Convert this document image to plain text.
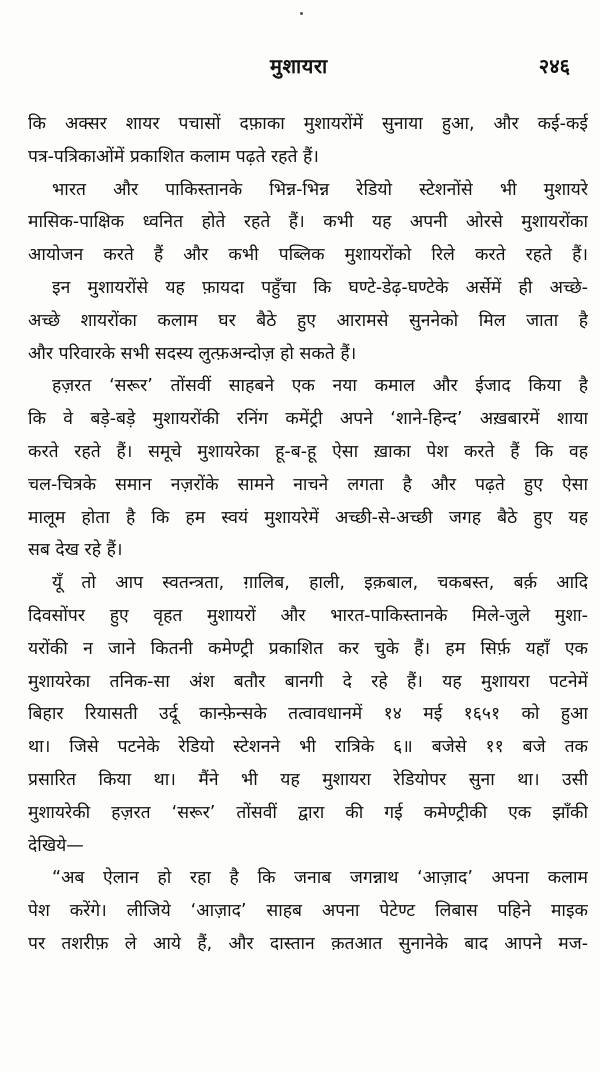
मुशायरा	२४६
कि अक्सर शायर पचासों दफ़ाका मुशायरोंमें सुनाया हुआ, और कई-कई
पत्र-पत्रिकाओंमें प्रकाशित कलाम पढ़ते रहते हैं।
भारत और पाकिस्तानके भिन्न-भिन्न रेडियो स्टेशनोंसे भी मुशायरे
मासिक-पाक्षिक ध्वनित होते रहते हैं। कभी यह अपनी ओरसे मुशायरोंका
आयोजन करते हैं और कभी पब्लिक मुशायरोंको रिले करते रहते हैं।
इन मुशायरोंसे यह फ़ायदा पहुँचा कि घण्टे-डेढ़-घण्टेके अर्सेमें ही अच्छे-
अच्छे शायरोंका कलाम घर बैठे हुए आरामसे सुननेको मिल जाता है
और परिवारके सभी सदस्य लुत्फ़अन्दोज़ हो सकते हैं।
हज़रत ‘सरूर’ तोंसवीं साहबने एक नया कमाल और ईजाद किया है
कि वे बड़े-बड़े मुशायरोंकी रनिंग कमेंट्री अपने ‘शाने-हिन्द’ अख़बारमें शाया
करते रहते हैं। समूचे मुशायरेका हू-ब-हू ऐसा ख़ाका पेश करते हैं कि वह
चल-चित्रके समान नज़रोंके सामने नाचने लगता है और पढ़ते हुए ऐसा
मालूम होता है कि हम स्वयं मुशायरेमें अच्छी-से-अच्छी जगह बैठे हुए यह
सब देख रहे हैं।
यूँ तो आप स्वतन्त्रता, ग़ालिब, हाली, इक़बाल, चकबस्त, बर्क़ आदि
दिवसोंपर हुए वृहत मुशायरों और भारत-पाकिस्तानके मिले-जुले मुशा-
यरोंकी न जाने कितनी कमेण्ट्री प्रकाशित कर चुके हैं। हम सिर्फ़ यहाँ एक
मुशायरेका तनिक-सा अंश बतौर बानगी दे रहे हैं। यह मुशायरा पटनेमें
बिहार रियासती उर्दू कान्फ़ेन्सके तत्वावधानमें १४ मई १६५१ को हुआ
था। जिसे पटनेके रेडियो स्टेशनने भी रात्रिके ६॥ बजेसे ११ बजे तक
प्रसारित किया था। मैंने भी यह मुशायरा रेडियोपर सुना था। उसी
मुशायरेकी हज़रत ‘सरूर’ तोंसवीं द्वारा की गई कमेण्ट्रीकी एक झाँकी
देखिये—
“अब ऐलान हो रहा है कि जनाब जगन्नाथ ‘आज़ाद’ अपना कलाम
पेश करेंगे। लीजिये ‘आज़ाद’ साहब अपना पेटेण्ट लिबास पहिने माइक
पर तशरीफ़ ले आये हैं, और दास्तान क़तआत सुनानेके बाद आपने मज-
